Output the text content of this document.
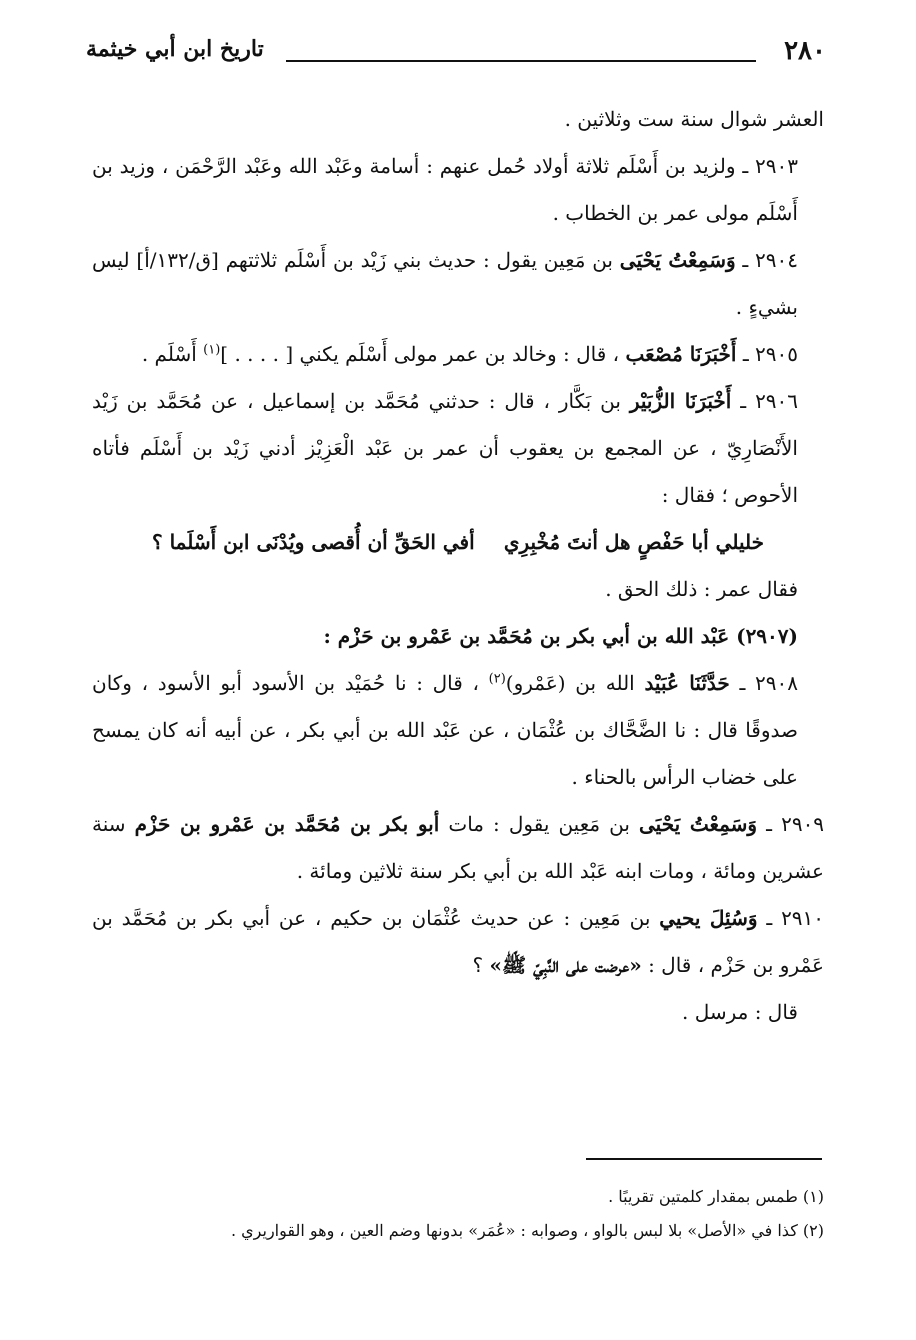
٢٨٠
تاريخ ابن أبي خيثمة

العشر شوال سنة ست وثلاثين .

٢٩٠٣ ـ ولزيد بن أَسْلَم ثلاثة أولاد حُمل عنهم : أسامة وعَبْد الله وعَبْد الرَّحْمَن ، وزيد بن أَسْلَم مولى عمر بن الخطاب .

٢٩٠٤ ـ وَسَمِعْتُ يَحْيَى بن مَعِين يقول : حديث بني زَيْد بن أَسْلَم ثلاثتهم [ق/١٣٢/أ] ليس بشيءٍ .

٢٩٠٥ ـ أَخْبَرَنَا مُصْعَب ، قال : وخالد بن عمر مولى أَسْلَم يكني [ . . . . ]$^{(١)}$ أَسْلَم .

٢٩٠٦ ـ أَخْبَرَنَا الزُّبَيْر بن بَكَّار ، قال : حدثني مُحَمَّد بن إسماعيل ، عن مُحَمَّد بن زَيْد الأَنْصَارِيّ ، عن المجمع بن يعقوب أن عمر بن عَبْد الْعَزِيْز أدني زَيْد بن أَسْلَم فأتاه الأحوص ؛ فقال :

خليلي أبا حَفْصٍ هل أنتَ مُخْبِرِي
أفي الحَقِّ أن أُقصى ويُدْنَى ابن أَسْلَما ؟

فقال عمر : ذلك الحق .

(٢٩٠٧) عَبْد الله بن أبي بكر بن مُحَمَّد بن عَمْرو بن حَزْم :

٢٩٠٨ ـ حَدَّثَنَا عُبَيْد الله بن (عَمْرو)$^{(٢)}$ ، قال : نا حُمَيْد بن الأسود أبو الأسود ، وكان صدوقًا قال : نا الضَّحَّاك بن عُثْمَان ، عن عَبْد الله بن أبي بكر ، عن أبيه أنه كان يمسح على خضاب الرأس بالحناء .

٢٩٠٩ ـ وَسَمِعْتُ يَحْيَى بن مَعِين يقول : مات أبو بكر بن مُحَمَّد بن عَمْرو بن حَزْم سنة عشرين ومائة ، ومات ابنه عَبْد الله بن أبي بكر سنة ثلاثين ومائة .

٢٩١٠ ـ وَسُئِلَ يحيي بن مَعِين : عن حديث عُثْمَان بن حكيم ، عن أبي بكر بن مُحَمَّد بن عَمْرو بن حَزْم ، قال : «عرضت على النَّبِيّ ﷺ» ؟

قال : مرسل .

(١) طمس بمقدار كلمتين تقريبًا .

(٢) كذا في «الأصل» بلا لبس بالواو ، وصوابه : «عُمَر» بدونها وضم العين ، وهو القواريري .
